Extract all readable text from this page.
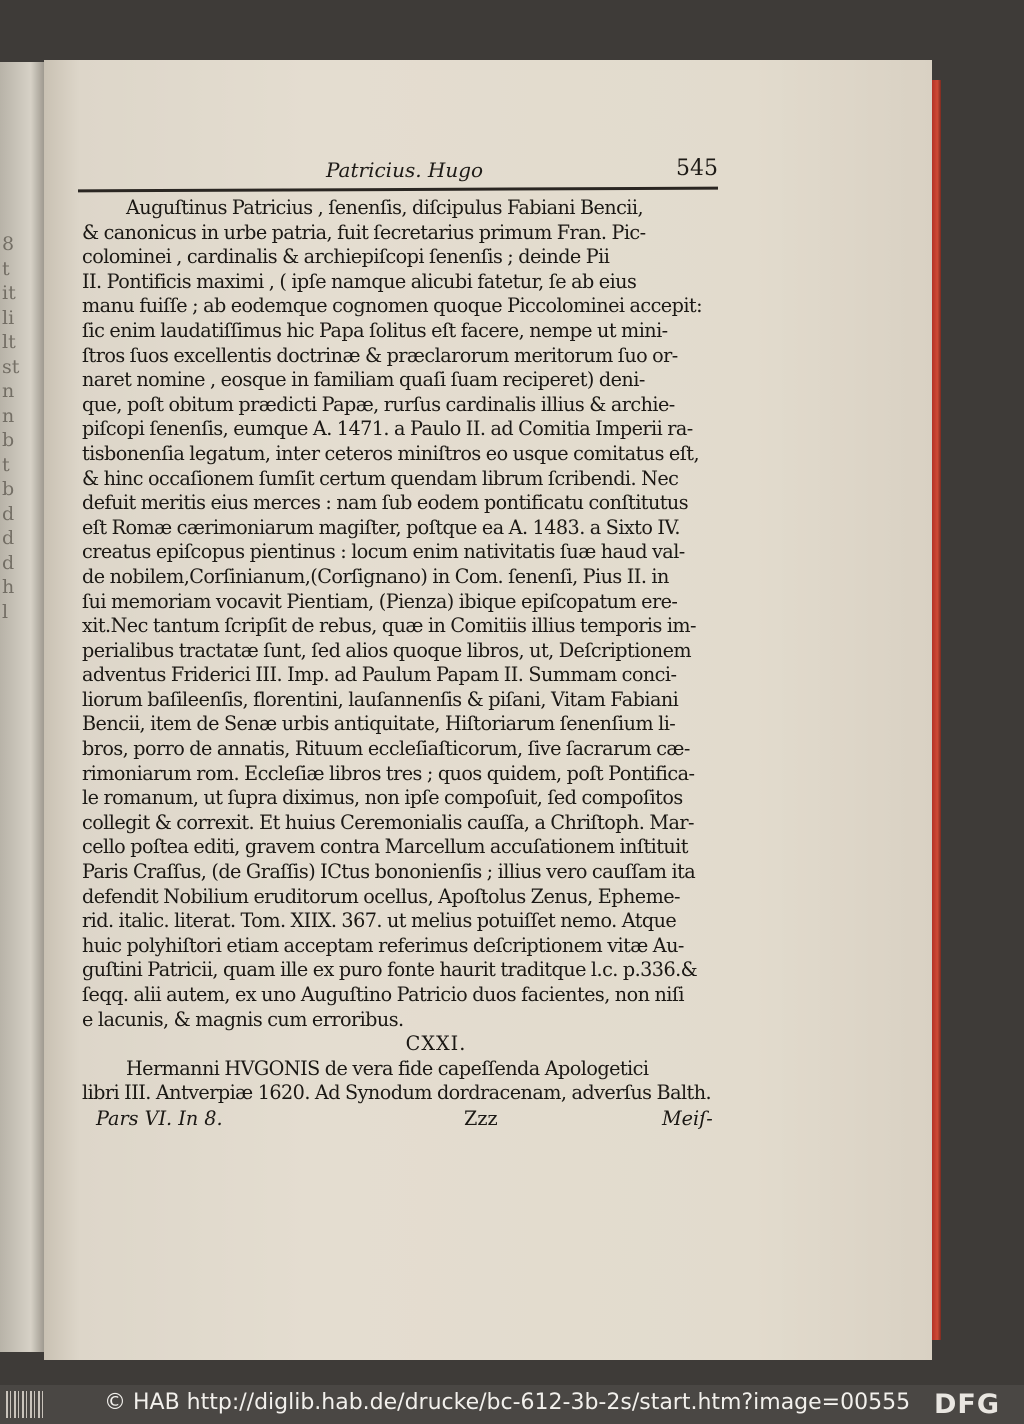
8
t
it
li
lt
st
n
n
b
t
b
d
d
d
h
l
Patricius. Hugo	545
Auguſtinus Patricius , ſenenſis, diſcipulus Fabiani Bencii,
& canonicus in urbe patria, fuit ſecretarius primum Fran. Pic-
colominei , cardinalis & archiepiſcopi ſenenſis ; deinde Pii
II. Pontificis maximi , ( ipſe namque alicubi fatetur, ſe ab eius
manu fuiſſe ; ab eodemque cognomen quoque Piccolominei accepit:
ſic enim laudatiſſimus hic Papa ſolitus eſt facere, nempe ut mini-
ſtros ſuos excellentis doctrinæ & præclarorum meritorum ſuo or-
naret nomine , eosque in familiam quaſi ſuam reciperet) deni-
que, poſt obitum prædicti Papæ, rurſus cardinalis illius & archie-
piſcopi ſenenſis, eumque A. 1471. a Paulo II. ad Comitia Imperii ra-
tisbonenſia legatum, inter ceteros miniſtros eo usque comitatus eſt,
& hinc occaſionem ſumſit certum quendam librum ſcribendi. Nec
defuit meritis eius merces : nam ſub eodem pontificatu conſtitutus
eſt Romæ cærimoniarum magiſter, poſtque ea A. 1483. a Sixto IV.
creatus epiſcopus pientinus : locum enim nativitatis ſuæ haud val-
de nobilem,Corſinianum,(Corſignano) in Com. ſenenſi, Pius II. in
ſui memoriam vocavit Pientiam, (Pienza) ibique epiſcopatum ere-
xit.Nec tantum ſcripſit de rebus, quæ in Comitiis illius temporis im-
perialibus tractatæ ſunt, ſed alios quoque libros, ut, Deſcriptionem
adventus Friderici III. Imp. ad Paulum Papam II. Summam conci-
liorum baſileenſis, florentini, lauſannenſis & piſani, Vitam Fabiani
Bencii, item de Senæ urbis antiquitate, Hiſtoriarum ſenenſium li-
bros, porro de annatis, Rituum eccleſiaſticorum, ſive ſacrarum cæ-
rimoniarum rom. Eccleſiæ libros tres ; quos quidem, poſt Pontifica-
le romanum, ut ſupra diximus, non ipſe compoſuit, ſed compoſitos
collegit & correxit. Et huius Ceremonialis cauſſa, a Chriſtoph. Mar-
cello poſtea editi, gravem contra Marcellum accuſationem inſtituit
Paris Craſſus, (de Graſſis) ICtus bononienſis ; illius vero cauſſam ita
defendit Nobilium eruditorum ocellus, Apoſtolus Zenus, Epheme-
rid. italic. literat. Tom. XIIX. 367. ut melius potuiſſet nemo. Atque
huic polyhiſtori etiam acceptam referimus deſcriptionem vitæ Au-
guſtini Patricii, quam ille ex puro fonte haurit traditque l.c. p.336.&
ſeqq. alii autem, ex uno Auguſtino Patricio duos facientes, non niſi
e lacunis, & magnis cum erroribus.
CXXI.
Hermanni HVGONIS de vera fide capeſſenda Apologetici
libri III. Antverpiæ 1620. Ad Synodum dordracenam, adverſus Balth.
Pars VI. In 8.	Zzz	Meiſ-
© HAB http://diglib.hab.de/drucke/bc-612-3b-2s/start.htm?image=00555 DFG
